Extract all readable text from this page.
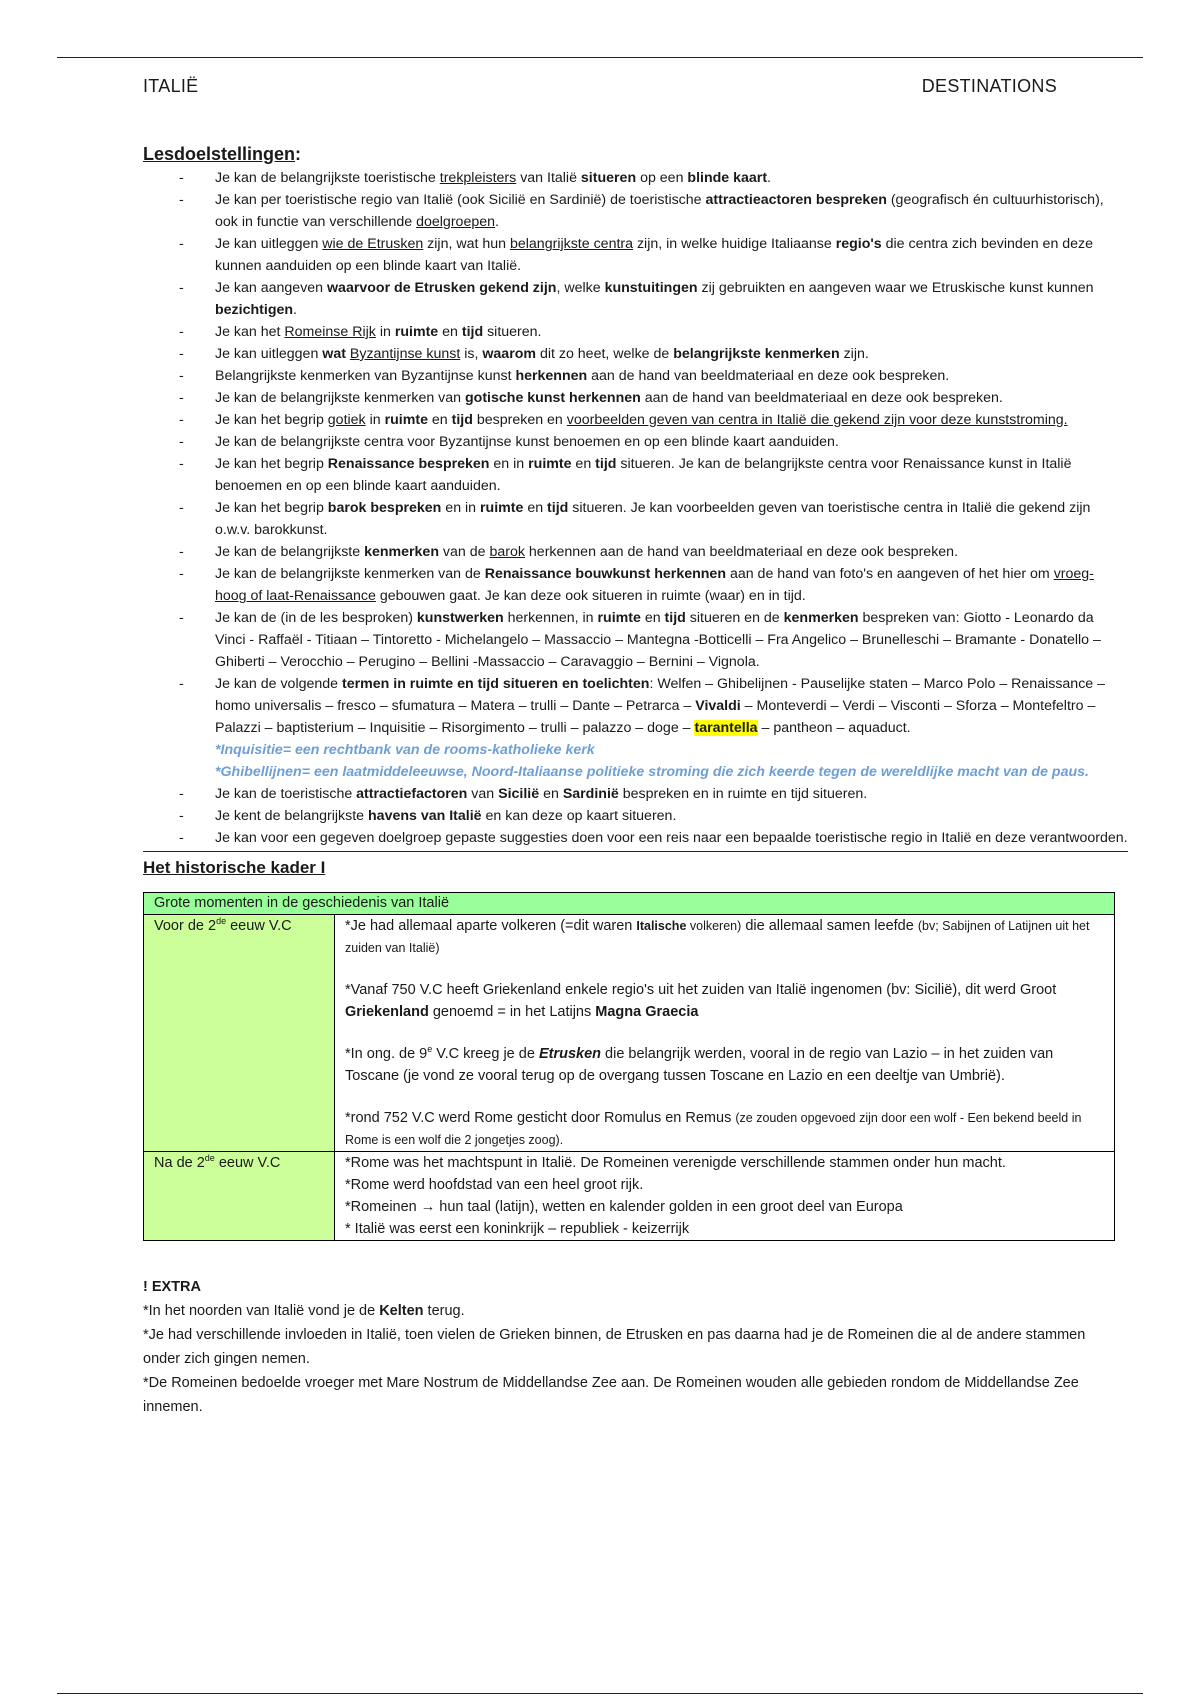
ITALIË	DESTINATIONS

Lesdoelstellingen:

- Je kan de belangrijkste toeristische trekpleisters van Italië situeren op een blinde kaart.
- Je kan per toeristische regio van Italië (ook Sicilië en Sardinië) de toeristische attractieactoren bespreken (geografisch én cultuurhistorisch), ook in functie van verschillende doelgroepen.
- Je kan uitleggen wie de Etrusken zijn, wat hun belangrijkste centra zijn, in welke huidige Italiaanse regio's die centra zich bevinden en deze kunnen aanduiden op een blinde kaart van Italië.
- Je kan aangeven waarvoor de Etrusken gekend zijn, welke kunstuitingen zij gebruikten en aangeven waar we Etruskische kunst kunnen bezichtigen.
- Je kan het Romeinse Rijk in ruimte en tijd situeren.
- Je kan uitleggen wat Byzantijnse kunst is, waarom dit zo heet, welke de belangrijkste kenmerken zijn.
- Belangrijkste kenmerken van Byzantijnse kunst herkennen aan de hand van beeldmateriaal en deze ook bespreken.
- Je kan de belangrijkste kenmerken van gotische kunst herkennen aan de hand van beeldmateriaal en deze ook bespreken.
- Je kan het begrip gotiek in ruimte en tijd bespreken en voorbeelden geven van centra in Italië die gekend zijn voor deze kunststroming.
- Je kan de belangrijkste centra voor Byzantijnse kunst benoemen en op een blinde kaart aanduiden.
- Je kan het begrip Renaissance bespreken en in ruimte en tijd situeren. Je kan de belangrijkste centra voor Renaissance kunst in Italië benoemen en op een blinde kaart aanduiden.
- Je kan het begrip barok bespreken en in ruimte en tijd situeren. Je kan voorbeelden geven van toeristische centra in Italië die gekend zijn o.w.v. barokkunst.
- Je kan de belangrijkste kenmerken van de barok herkennen aan de hand van beeldmateriaal en deze ook bespreken.
- Je kan de belangrijkste kenmerken van de Renaissance bouwkunst herkennen aan de hand van foto's en aangeven of het hier om vroeg- hoog of laat-Renaissance gebouwen gaat. Je kan deze ook situeren in ruimte (waar) en in tijd.
- Je kan de (in de les besproken) kunstwerken herkennen, in ruimte en tijd situeren en de kenmerken bespreken van: Giotto - Leonardo da Vinci - Raffaël - Titiaan – Tintoretto - Michelangelo – Massaccio – Mantegna -Botticelli – Fra Angelico – Brunelleschi – Bramante - Donatello – Ghiberti – Verocchio – Perugino – Bellini -Massaccio – Caravaggio – Bernini – Vignola.
- Je kan de volgende termen in ruimte en tijd situeren en toelichten: Welfen – Ghibelijnen - Pauselijke staten – Marco Polo – Renaissance – homo universalis – fresco – sfumatura – Matera – trulli – Dante – Petrarca – Vivaldi – Monteverdi – Verdi – Visconti – Sforza – Montefeltro – Palazzi – baptisterium – Inquisitie – Risorgimento – trulli – palazzo – doge – tarantella – pantheon – aquaduct.
*Inquisitie= een rechtbank van de rooms-katholieke kerk
*Ghibellijnen= een laatmiddeleeuwse, Noord-Italiaanse politieke stroming die zich keerde tegen de wereldlijke macht van de paus.
- Je kan de toeristische attractiefactoren van Sicilië en Sardinië bespreken en in ruimte en tijd situeren.
- Je kent de belangrijkste havens van Italië en kan deze op kaart situeren.
- Je kan voor een gegeven doelgroep gepaste suggesties doen voor een reis naar een bepaalde toeristische regio in Italië en deze verantwoorden.

Het historische kader I

Grote momenten in de geschiedenis van Italië	
Voor de 2de eeuw V.C	*Je had allemaal aparte volkeren (=dit waren Italische volkeren) die allemaal samen leefde (bv; Sabijnen of Latijnen uit het zuiden van Italië)

*Vanaf 750 V.C heeft Griekenland enkele regio's uit het zuiden van Italië ingenomen (bv: Sicilië), dit werd Groot Griekenland genoemd = in het Latijns Magna Graecia

*In ong. de 9e V.C kreeg je de Etrusken die belangrijk werden, vooral in de regio van Lazio – in het zuiden van Toscane (je vond ze vooral terug op de overgang tussen Toscane en Lazio en een deeltje van Umbrië).

*rond 752 V.C werd Rome gesticht door Romulus en Remus (ze zouden opgevoed zijn door een wolf - Een bekend beeld in Rome is een wolf die 2 jongetjes zoog).

Na de 2de eeuw V.C	*Rome was het machtspunt in Italië. De Romeinen verenigde verschillende stammen onder hun macht.

*Rome werd hoofdstad van een heel groot rijk.

*Romeinen → hun taal (latijn), wetten en kalender golden in een groot deel van Europa

* Italië was eerst een koninkrijk – republiek - keizerrijk

! EXTRA
*In het noorden van Italië vond je de Kelten terug.
*Je had verschillende invloeden in Italië, toen vielen de Grieken binnen, de Etrusken en pas daarna had je de Romeinen die al de andere stammen onder zich gingen nemen.
*De Romeinen bedoelde vroeger met Mare Nostrum de Middellandse Zee aan. De Romeinen wouden alle gebieden rondom de Middellandse Zee innemen.
